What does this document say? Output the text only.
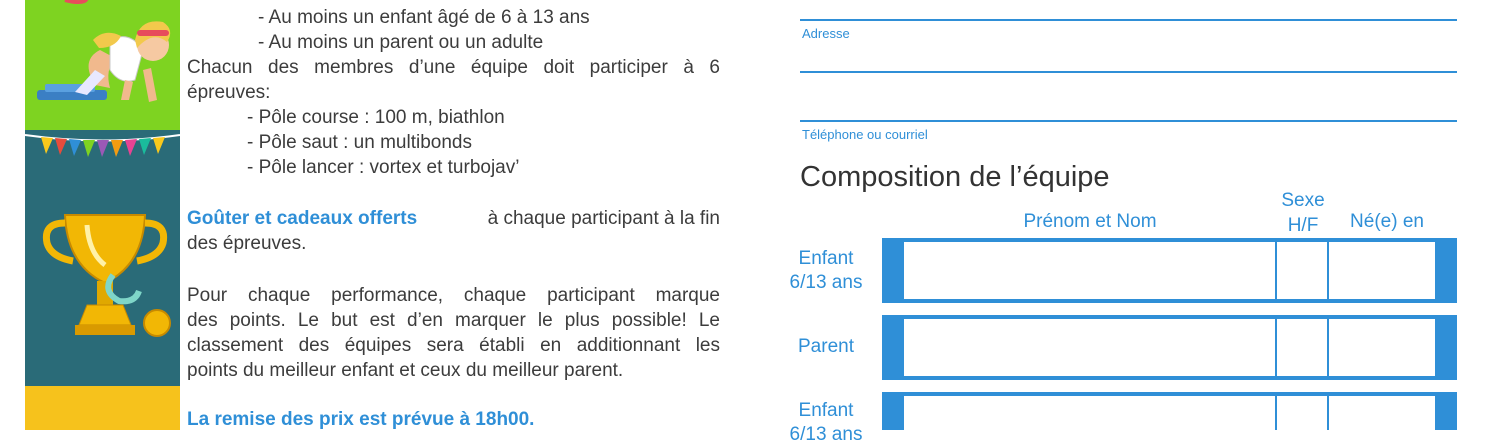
- Au moins un enfant âgé de 6 à 13 ans
- Au moins un parent ou un adulte
Chacun des membres d’une équipe doit participer à 6
épreuves:
- Pôle course : 100 m, biathlon
- Pôle saut : un multibonds
- Pôle lancer : vortex et turbojav’
Goûter et cadeaux offerts	à chaque participant à la fin
des épreuves.
Pour chaque performance, chaque participant marque
des points. Le but est d’en marquer le plus possible! Le
classement des équipes sera établi en additionnant les
points du meilleur enfant et ceux du meilleur parent.
La remise des prix est prévue à 18h00.
Adresse
Téléphone ou courriel
Composition de l’équipe
Prénom et Nom
Sexe
H/F	Né(e) en
Enfant
6/13 ans
Parent
Enfant
6/13 ans
